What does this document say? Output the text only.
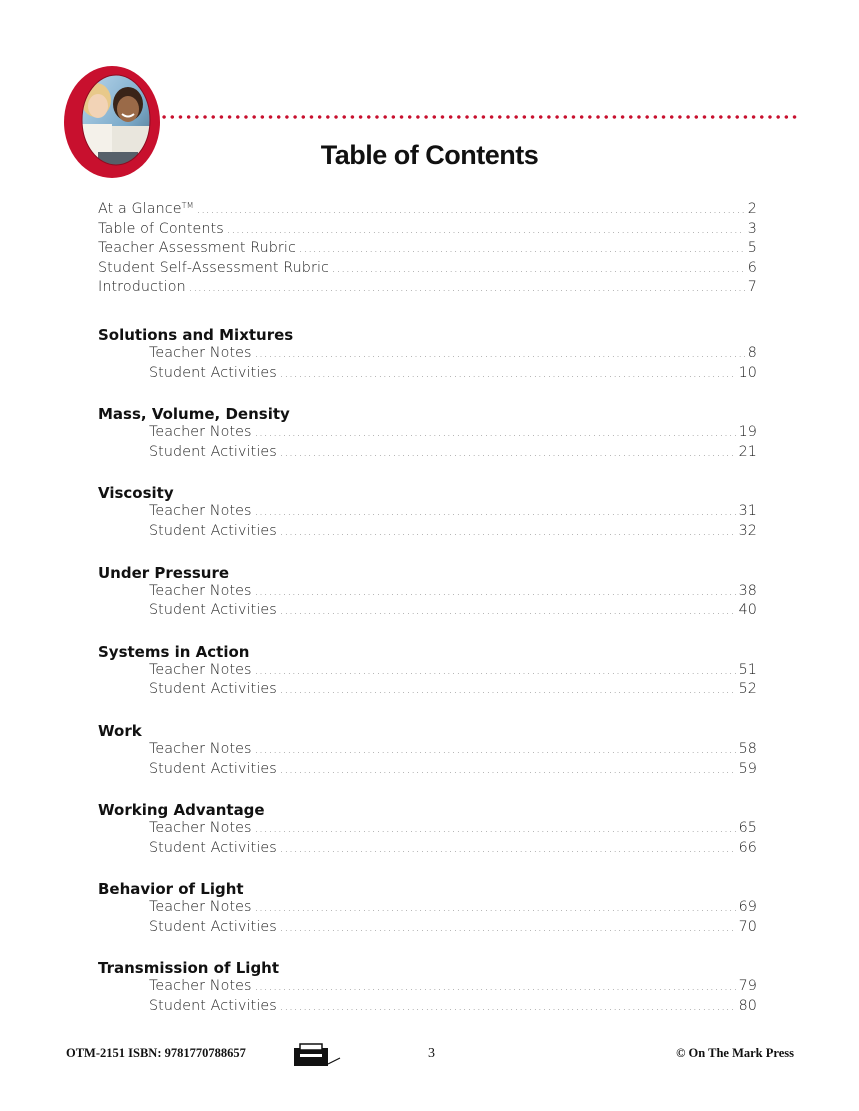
Table of Contents
At a Glance™ .....	2
Table of Contents .....	3
Teacher Assessment Rubric .....	5
Student Self-Assessment Rubric .....	6
Introduction .....	7
Solutions and Mixtures
Teacher Notes .....	8
Student Activities .....	10
Mass, Volume, Density
Teacher Notes .....	19
Student Activities .....	21
Viscosity
Teacher Notes .....	31
Student Activities .....	32
Under Pressure
Teacher Notes .....	38
Student Activities .....	40
Systems in Action
Teacher Notes .....	51
Student Activities .....	52
Work
Teacher Notes .....	58
Student Activities .....	59
Working Advantage
Teacher Notes .....	65
Student Activities .....	66
Behavior of Light
Teacher Notes .....	69
Student Activities .....	70
Transmission of Light
Teacher Notes .....	79
Student Activities .....	80
OTM-2151 ISBN: 9781770788657	3	© On The Mark Press
